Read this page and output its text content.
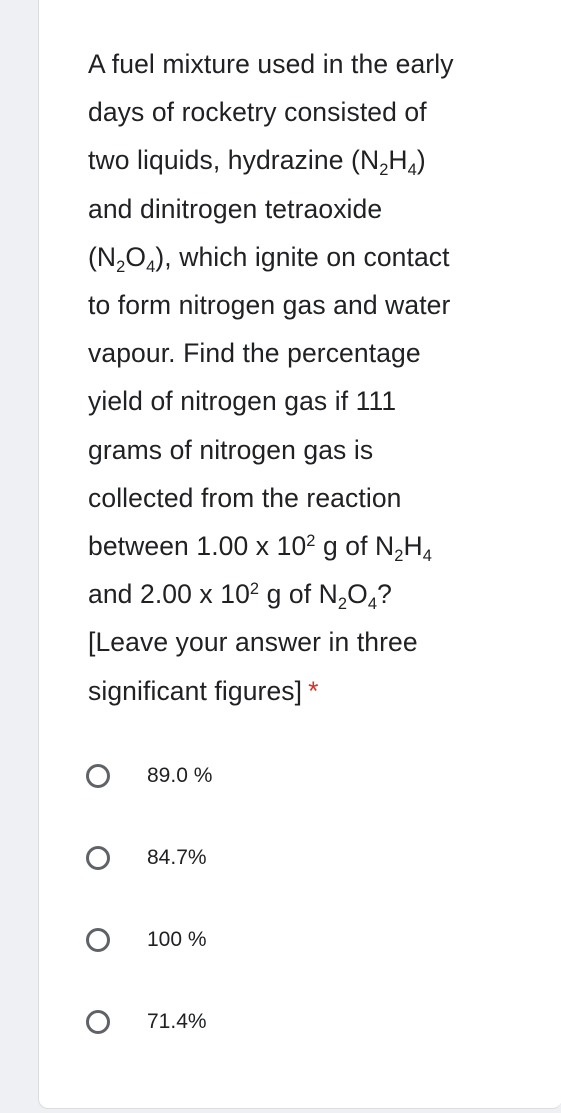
A fuel mixture used in the early
days of rocketry consisted of
two liquids, hydrazine $(N_2H_4)$
and dinitrogen tetraoxide
$(N_2O_4)$, which ignite on contact
to form nitrogen gas and water
vapour. Find the percentage
yield of nitrogen gas if 111
grams of nitrogen gas is
collected from the reaction
between 1.00 x $10^2$ g of $N_2H_4$
and 2.00 x $10^2$ g of $N_2O_4$?
[Leave your answer in three
significant figures] *
89.0 %
84.7%
100 %
71.4%
